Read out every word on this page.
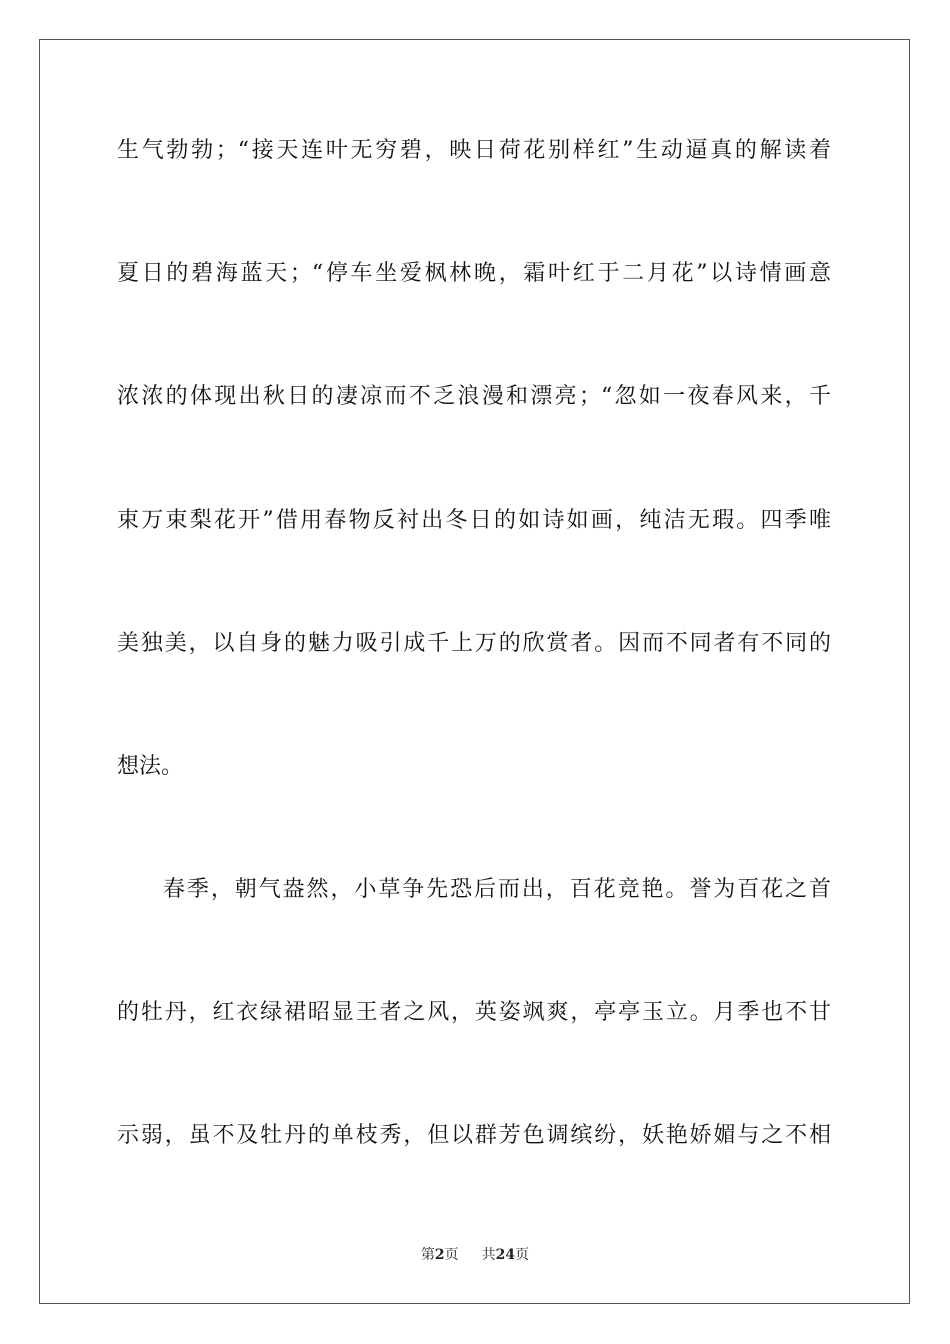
生气勃勃；“接天连叶无穷碧，映日荷花别样红”生动逼真的解读着
夏日的碧海蓝天；“停车坐爱枫林晚，霜叶红于二月花”以诗情画意
浓浓的体现出秋日的凄凉而不乏浪漫和漂亮；“忽如一夜春风来，千
束万束梨花开”借用春物反衬出冬日的如诗如画，纯洁无瑕。四季唯
美独美，以自身的魅力吸引成千上万的欣赏者。因而不同者有不同的
想法。
春季，朝气盎然，小草争先恐后而出，百花竞艳。誉为百花之首
的牡丹，红衣绿裙昭显王者之风，英姿飒爽，亭亭玉立。月季也不甘
示弱，虽不及牡丹的单枝秀，但以群芳色调缤纷，妖艳娇媚与之不相
第2页 共24页
